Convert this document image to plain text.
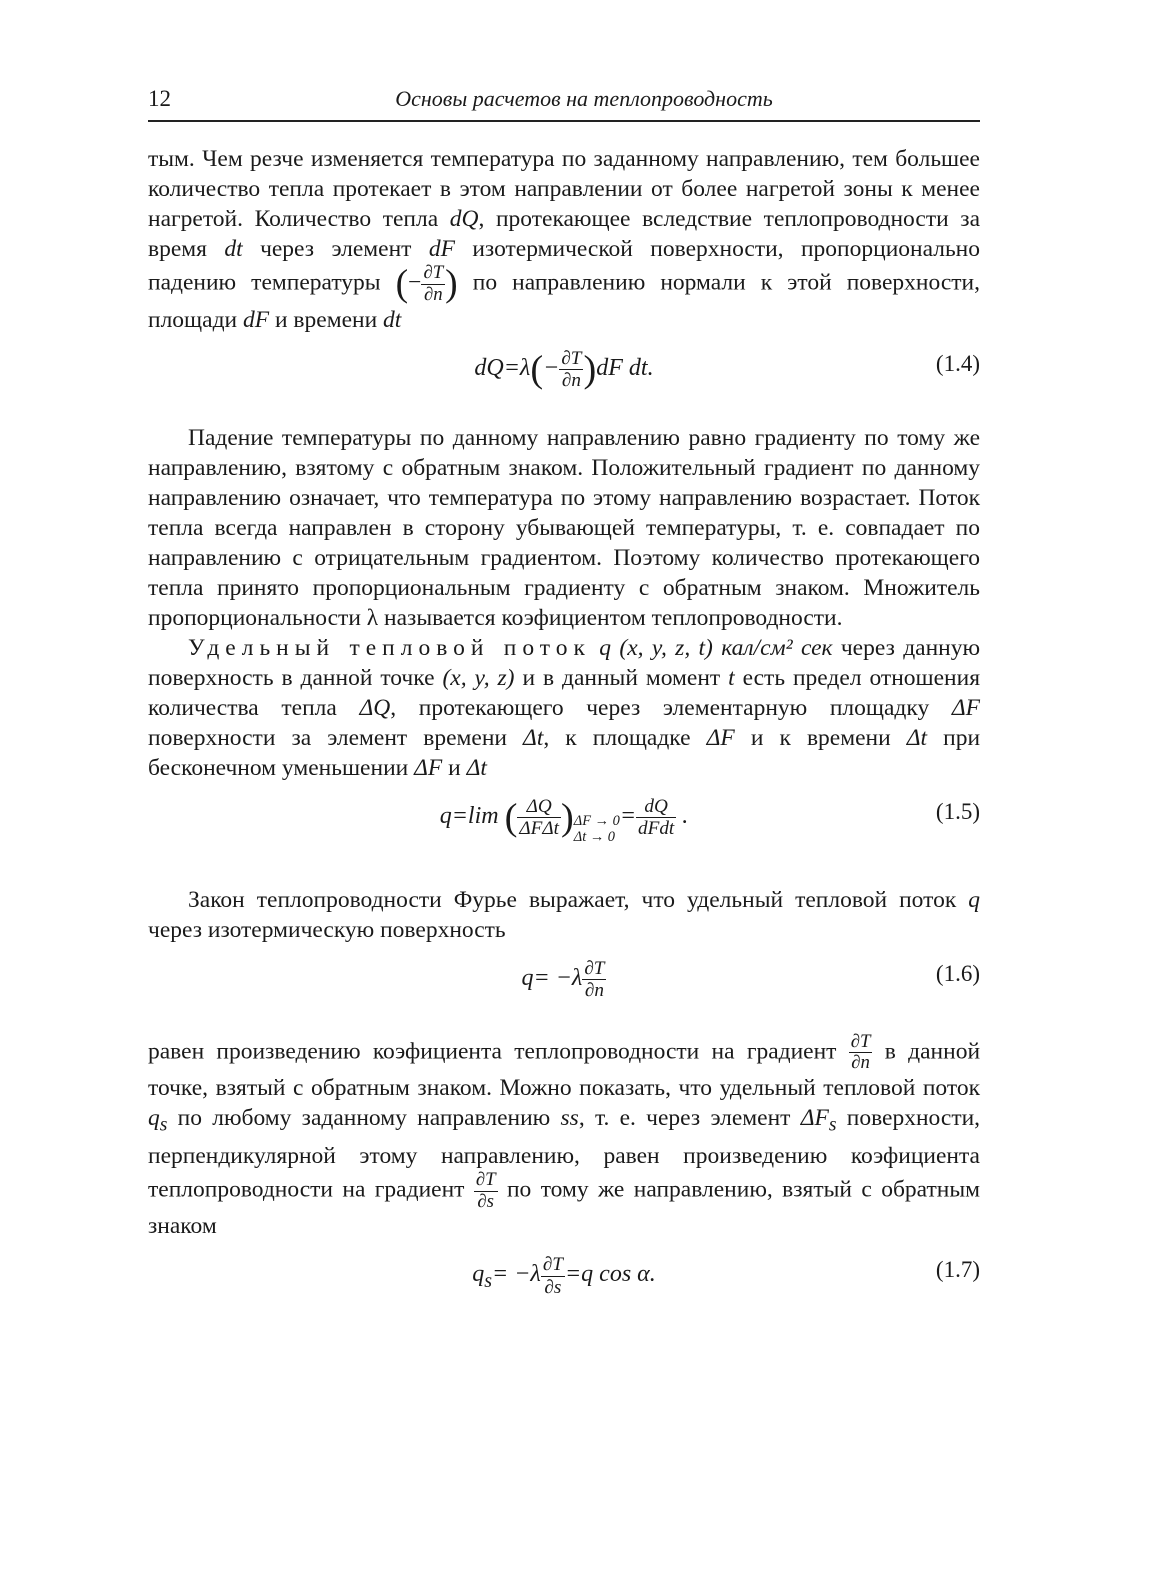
12	Основы расчетов на теплопроводность

тым. Чем резче изменяется температура по заданному направлению, тем большее количество тепла протекает в этом направлении от более нагретой зоны к менее нагретой. Количество тепла dQ, протекающее вследствие теплопроводности за время dt через элемент dF изотермической поверхности, пропорционально падению температуры (− $\frac{\partial T}{\partial n}$ ) по направлению нормали к этой поверхности, площади dF и времени dt

$dQ=\lambda(- \frac{\partial T}{\partial n} )dF$ dt.	(1.4)

Падение температуры по данному направлению равно градиенту по тому же направлению, взятому с обратным знаком. Положительный градиент по данному направлению означает, что температура по этому направлению возрастает. Поток тепла всегда направлен в сторону убывающей температуры, т. е. совпадает по направлению с отрицательным градиентом. Поэтому количество протекающего тепла принято пропорциональным градиенту с обратным знаком. Множитель пропорциональности λ называется коэфициентом теплопроводности.

Удельный тепловой поток q (x, y, z, t) кал/см² сек через данную поверхность в данной точке (x, y, z) и в данный момент t есть предел отношения количества тепла ΔQ, протекающего через элементарную площадку ΔF поверхности за элемент времени Δt, к площадке ΔF и к времени Δt при бесконечном уменьшении ΔF и Δt

q=lim ( $\frac{\Delta Q}{\text{ΔFΔt}} )_{\Delta F \to 0 \Delta t \to 0}= \frac{dQ}{\text{dFdt}}$ .	(1.5)

Закон теплопроводности Фурье выражает, что удельный тепловой поток q через изотермическую поверхность

$q= -\lambda \frac{\partial T}{\partial n}$	(1.6)

равен произведению коэфициента теплопроводности на градиент $\frac{\partial T}{\partial n}$ в данной точке, взятый с обратным знаком. Можно показать, что удельный тепловой поток $q_s$ по любому заданному направлению ss, т. е. через элемент $\Delta F_s$ поверхности, перпендикулярной этому направлению, равен произведению коэфициента теплопроводности на градиент $\frac{\partial T}{\partial s}$ по тому же направлению, взятый с обратным знаком

$q_s= -\lambda \frac{\partial T}{\partial s} =q$ cos α.	(1.7)
